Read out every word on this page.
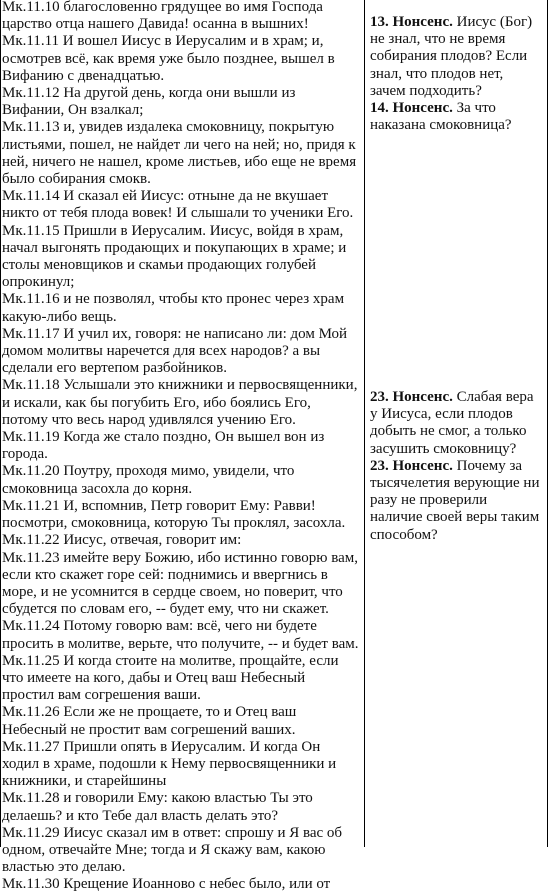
Мк.11.10 благословенно грядущее во имя Господа царство отца нашего Давида! осанна в вышних!

Мк.11.11 И вошел Иисус в Иерусалим и в храм; и, осмотрев всё, как время уже было позднее, вышел в Вифанию с двенадцатью.

Мк.11.12 На другой день, когда они вышли из Вифании, Он взалкал;

Мк.11.13 и, увидев издалека смоковницу, покрытую листьями, пошел, не найдет ли чего на ней; но, придя к ней, ничего не нашел, кроме листьев, ибо еще не время было собирания смокв.

Мк.11.14 И сказал ей Иисус: отныне да не вкушает никто от тебя плода вовек! И слышали то ученики Его.

Мк.11.15 Пришли в Иерусалим. Иисус, войдя в храм, начал выгонять продающих и покупающих в храме; и столы меновщиков и скамьи продающих голубей опрокинул;

Мк.11.16 и не позволял, чтобы кто пронес через храм какую-либо вещь.

Мк.11.17 И учил их, говоря: не написано ли: дом Мой домом молитвы наречется для всех народов? а вы сделали его вертепом разбойников.

Мк.11.18 Услышали это книжники и первосвященники, и искали, как бы погубить Его, ибо боялись Его, потому что весь народ удивлялся учению Его.

Мк.11.19 Когда же стало поздно, Он вышел вон из города.

Мк.11.20 Поутру, проходя мимо, увидели, что смоковница засохла до корня.

Мк.11.21 И, вспомнив, Петр говорит Ему: Равви! посмотри, смоковница, которую Ты проклял, засохла.

Мк.11.22 Иисус, отвечая, говорит им:

Мк.11.23 имейте веру Божию, ибо истинно говорю вам, если кто скажет горе сей: поднимись и ввергнись в море, и не усомнится в сердце своем, но поверит, что сбудется по словам его, -- будет ему, что ни скажет.

Мк.11.24 Потому говорю вам: всё, чего ни будете просить в молитве, верьте, что получите, -- и будет вам.

Мк.11.25 И когда стоите на молитве, прощайте, если что имеете на кого, дабы и Отец ваш Небесный простил вам согрешения ваши.

Мк.11.26 Если же не прощаете, то и Отец ваш Небесный не простит вам согрешений ваших.

Мк.11.27 Пришли опять в Иерусалим. И когда Он ходил в храме, подошли к Нему первосвященники и книжники, и старейшины

Мк.11.28 и говорили Ему: какою властью Ты это делаешь? и кто Тебе дал власть делать это?

Мк.11.29 Иисус сказал им в ответ: спрошу и Я вас об одном, отвечайте Мне; тогда и Я скажу вам, какою властью это делаю.

Мк.11.30 Крещение Иоанново с небес было, или от

13. Нонсенс. Иисус (Бог) не знал, что не время собирания плодов? Если знал, что плодов нет, зачем подходить?

14. Нонсенс. За что наказана смоковница?

23. Нонсенс. Слабая вера у Иисуса, если плодов добыть не смог, а только засушить смоковницу?

23. Нонсенс. Почему за тысячелетия верующие ни разу не проверили наличие своей веры таким способом?
